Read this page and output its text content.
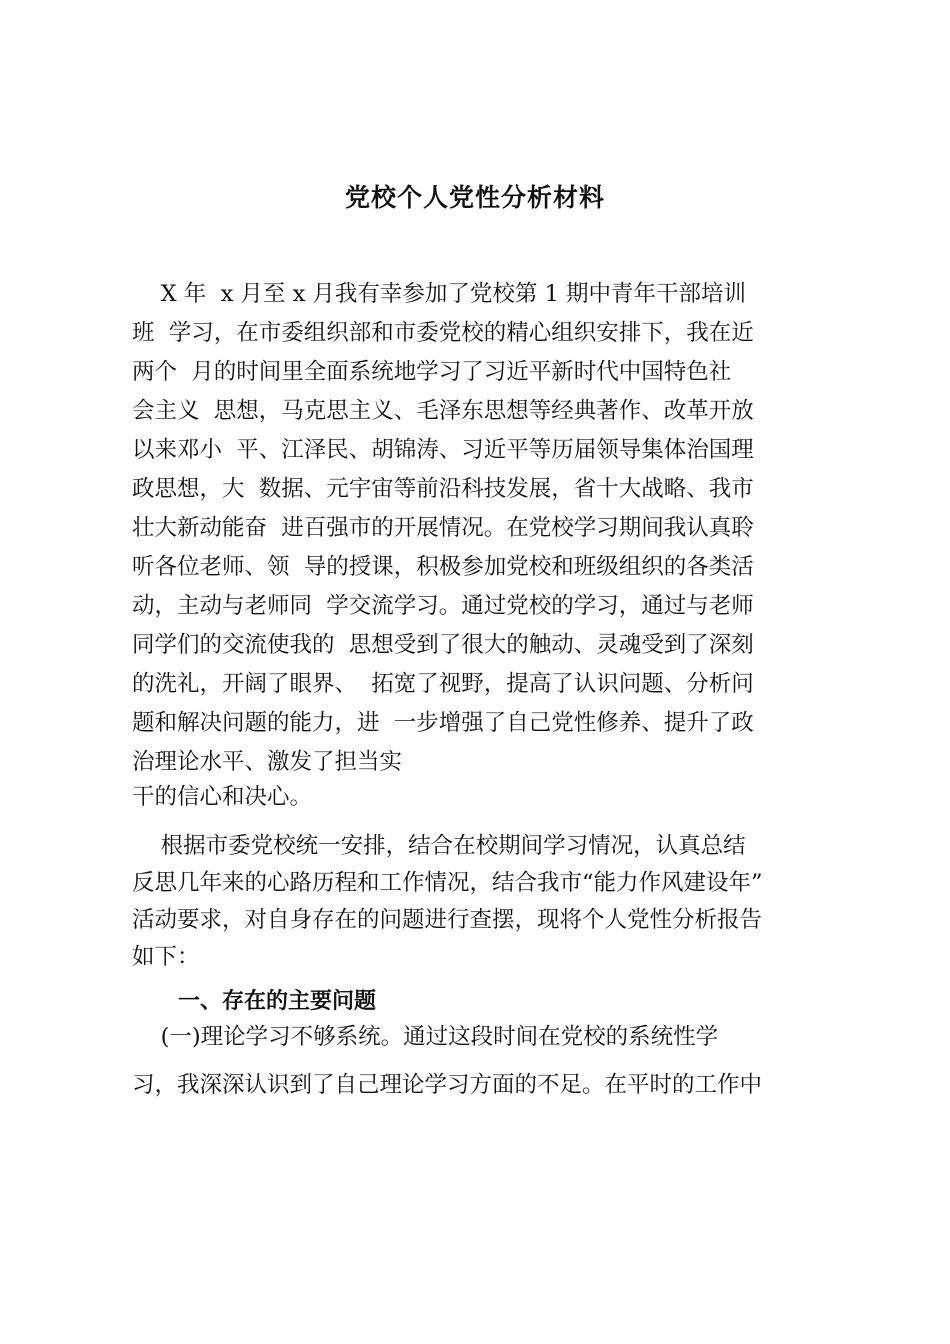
党校个人党性分析材料

X 年  x 月至 x 月我有幸参加了党校第 1 期中青年干部培训

班  学习，在市委组织部和市委党校的精心组织安排下，我在近

两个  月的时间里全面系统地学习了习近平新时代中国特色社

会主义  思想，马克思主义、毛泽东思想等经典著作、改革开放

以来邓小  平、江泽民、胡锦涛、习近平等历届领导集体治国理

政思想，大  数据、元宇宙等前沿科技发展，省十大战略、我市

壮大新动能奋  进百强市的开展情况。在党校学习期间我认真聆

听各位老师、领  导的授课，积极参加党校和班级组织的各类活

动，主动与老师同  学交流学习。通过党校的学习，通过与老师

同学们的交流使我的  思想受到了很大的触动、灵魂受到了深刻

的洗礼，开阔了眼界、  拓宽了视野，提高了认识问题、分析问

题和解决问题的能力，进  一步增强了自己党性修养、提升了政

治理论水平、激发了担当实

干的信心和决心。

根据市委党校统一安排，结合在校期间学习情况，认真总结

反思几年来的心路历程和工作情况，结合我市“能力作风建设年”

活动要求，对自身存在的问题进行查摆，现将个人党性分析报告

如下：

一、存在的主要问题

(一)理论学习不够系统。通过这段时间在党校的系统性学

习，我深深认识到了自己理论学习方面的不足。在平时的工作中
